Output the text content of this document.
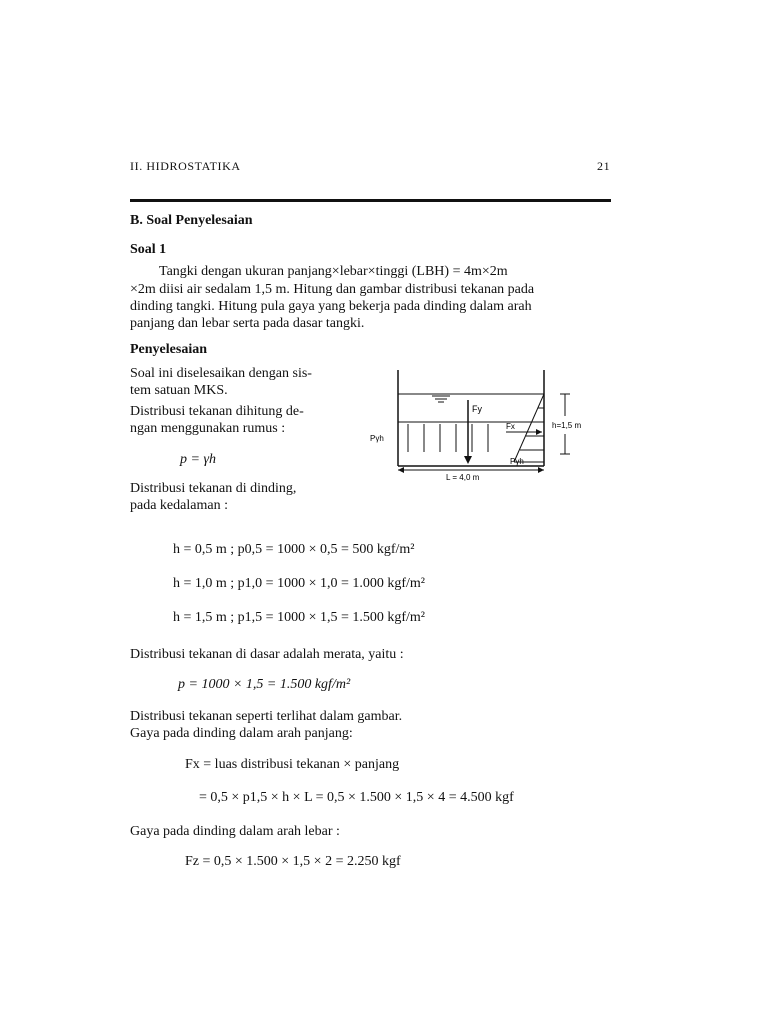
II. HIDROSTATIKA	21
B. Soal Penyelesaian
Soal 1
Tangki dengan ukuran panjang×lebar×tinggi (LBH) = 4m×2m
×2m diisi air sedalam 1,5 m. Hitung dan gambar distribusi tekanan pada
dinding tangki. Hitung pula gaya yang bekerja pada dinding dalam arah
panjang dan lebar serta pada dasar tangki.
Penyelesaian
Soal ini diselesaikan dengan sis-
tem satuan MKS.
Distribusi tekanan dihitung de-
ngan menggunakan rumus :
p = γh
Distribusi tekanan di dinding,
pada kedalaman :
Fy
Fx	h=1,5 m
Pγh
Pγh
L = 4,0 m
h = 0,5 m ; p0,5 = 1000 × 0,5 = 500 kgf/m²
h = 1,0 m ; p1,0 = 1000 × 1,0 = 1.000 kgf/m²
h = 1,5 m ; p1,5 = 1000 × 1,5 = 1.500 kgf/m²
Distribusi tekanan di dasar adalah merata, yaitu :
p = 1000 × 1,5 = 1.500 kgf/m²
Distribusi tekanan seperti terlihat dalam gambar.
Gaya pada dinding dalam arah panjang:
Fx = luas distribusi tekanan × panjang
= 0,5 × p1,5 × h × L = 0,5 × 1.500 × 1,5 × 4 = 4.500 kgf
Gaya pada dinding dalam arah lebar :
Fz = 0,5 × 1.500 × 1,5 × 2 = 2.250 kgf
